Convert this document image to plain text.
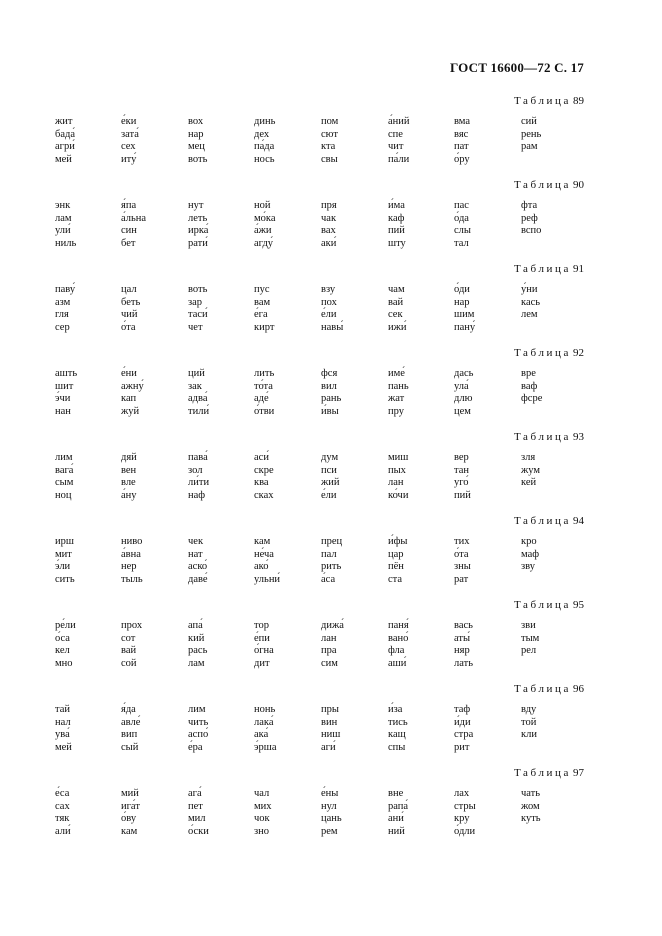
ГОСТ 16600—72 С. 17
Таблица 89
жит
бада́
агри́
мей
е́ки
зата́
сех
иту́
вох
нар
мец
воть
динь
дех
па́да
нось
пом
сют
кта
свы
а́ний
спе
чит
па́ли
вма
вяс
пат
о́ру
сий
рень
рам

Таблица 90
энк
лам
ули́
ниль
я́па
а́льна
син
бет
нут
леть
ирка́
рати́
ной
мо́ка
а́жи
агду́
пря
чак
вах
аки́
и́ма
каф
пий
шту
пас
о́да
слы
тал
фта
реф
вспо

Таблица 91
паву́
азм
гля
сер
цал
беть
чий
о́та
воть
зар
таси́
чет
пус
вам
е́га
кирт
взу
пох
е́ли
навы́
чам
вай
сек
ижи́
о́ди
нар
шим
пану́
у́ни
кась
лем

Таблица 92
ашть
шит
э́чи
нан
е́ни
ажну́
кап
жуй
ций
зак
адва́
тили́
лить
то́та
аде́
о́тви
фся
вил
рань
и́вы
име́
пань
жат
пру
дась
ула́
длю
цем
вре
ваф
фсре

Таблица 93
лим
вага́
сым
ноц
дяй
вен
вле
а́ну
пава́
зол
ли́ти
наф
аси́
скре
ква
сках
дум
пси
жий
е́ли
миш
пых
лан
ко́чи
вер
тан
уго́
пий
зля
жум
кей

Таблица 94
ирш
мит
э́ли
сить
ниво
а́вна
нер
тыль
чек
нат
аско́
даве́
кам
не́ча
ако́
ульни́
прец
пал
рить
а́са
и́фы
цар
пён
ста
тих
о́та
зны
рат
кро
маф
зву

Таблица 95
ре́ли
о́са
кел
мно
прох
сот
вай
сой
апа́
кий
рась
лам
тор
е́пи
о́гна
дит
дижа́
лан
пра
сим
паня́
вано́
фла
аши́
вась
аты́
няр
лать
зви
тым
рел

Таблица 96
тай
нал
ува́
мей
я́да
авле́
вип
сый
лим
чить
аспо́
е́ра
нонь
лака́
ака́
э́рша
пры
вин
ниш
аги́
и́за
тись
кащ
спы
таф
и́ди
стра
рит
вду
той
кли

Таблица 97
е́са
сах
тяк
али́
мий
ига́т
о́ву
кам
ага́
пет
мил
о́ски
чал
мих
чок
зно
е́ны
нул
цань
рем
вне
рапа́
ани́
ний
лах
стры
кру
о́дли
чать
жом
куть
